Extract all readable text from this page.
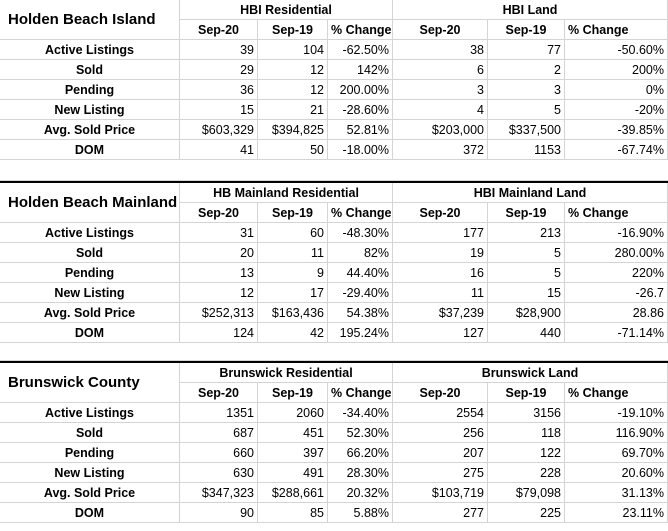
Holden Beach Island
HBI Residential	HBI Land
Sep-20	Sep-19	% Change	Sep-20	Sep-19	% Change
Active Listings	39	104	-62.50%	38	77	-50.60%
Sold	29	12	142%	6	2	200%
Pending	36	12	200.00%	3	3	0%
New Listing	15	21	-28.60%	4	5	-20%
Avg. Sold Price	$603,329	$394,825	52.81%	$203,000	$337,500	-39.85%
DOM	41	50	-18.00%	372	1153	-67.74%
Holden Beach Mainland
HB Mainland Residential	HBI Mainland Land
Sep-20	Sep-19	% Change	Sep-20	Sep-19	% Change
Active Listings	31	60	-48.30%	177	213	-16.90%
Sold	20	11	82%	19	5	280.00%
Pending	13	9	44.40%	16	5	220%
New Listing	12	17	-29.40%	11	15	-26.7
Avg. Sold Price	$252,313	$163,436	54.38%	$37,239	$28,900	28.86
DOM	124	42	195.24%	127	440	-71.14%
Brunswick County
Brunswick Residential	Brunswick Land
Sep-20	Sep-19	% Change	Sep-20	Sep-19	% Change
Active Listings	1351	2060	-34.40%	2554	3156	-19.10%
Sold	687	451	52.30%	256	118	116.90%
Pending	660	397	66.20%	207	122	69.70%
New Listing	630	491	28.30%	275	228	20.60%
Avg. Sold Price	$347,323	$288,661	20.32%	$103,719	$79,098	31.13%
DOM	90	85	5.88%	277	225	23.11%
